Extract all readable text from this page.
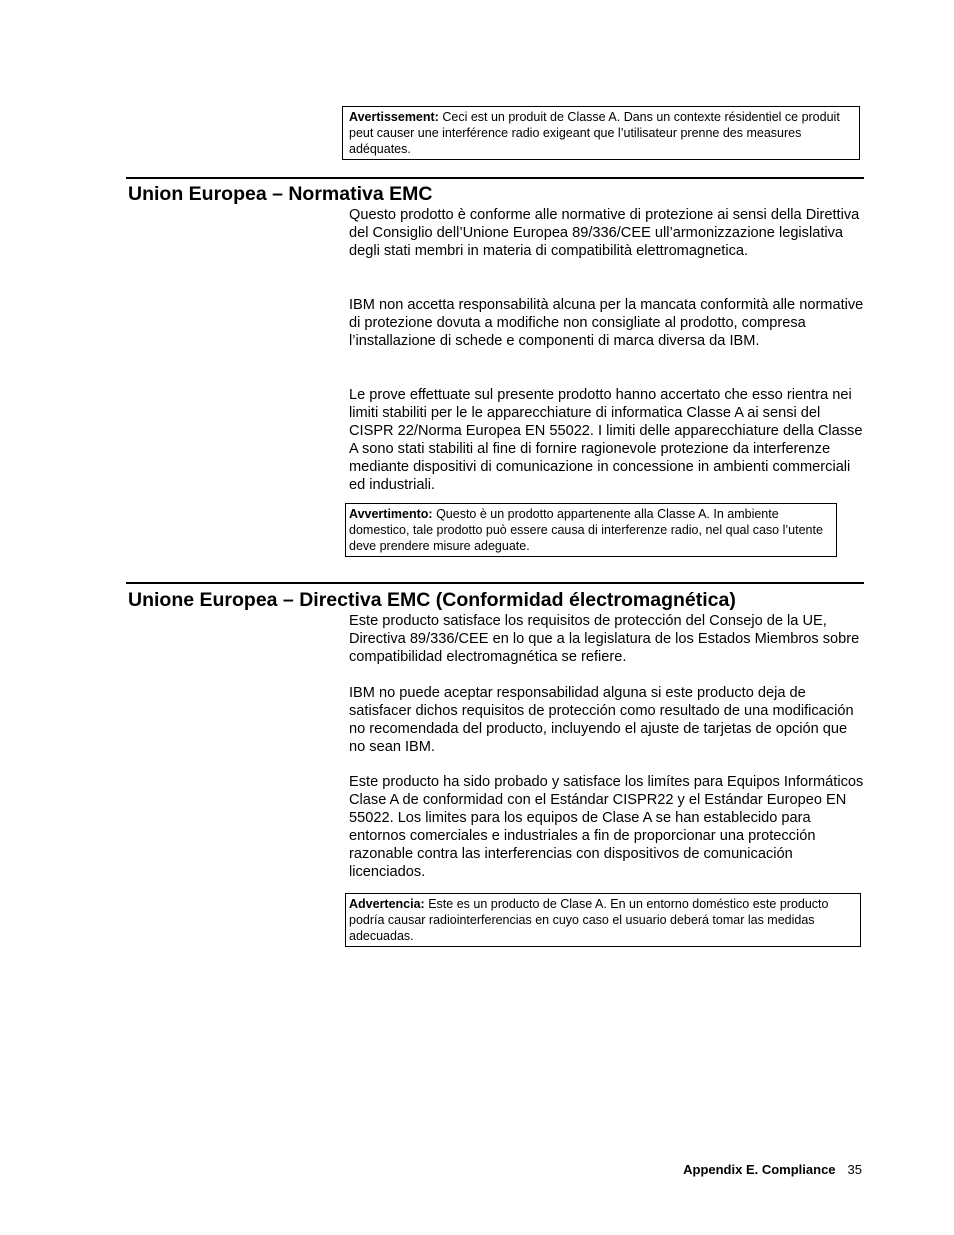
Avertissement: Ceci est un produit de Classe A. Dans un contexte résidentiel ce produit peut causer une interférence radio exigeant que l’utilisateur prenne des measures adéquates.
Union Europea – Normativa EMC

Questo prodotto è conforme alle normative di protezione ai sensi della Direttiva del Consiglio dell’Unione Europea 89/336/CEE ull’armonizzazione legislativa degli stati membri in materia di compatibilità elettromagnetica.

IBM non accetta responsabilità alcuna per la mancata conformità alle normative di protezione dovuta a modifiche non consigliate al prodotto, compresa l’installazione di schede e componenti di marca diversa da IBM.

Le prove effettuate sul presente prodotto hanno accertato che esso rientra nei limiti stabiliti per le le apparecchiature di informatica Classe A ai sensi del CISPR 22/Norma Europea EN 55022. I limiti delle apparecchiature della Classe A sono stati stabiliti al fine di fornire ragionevole protezione da interferenze mediante dispositivi di comunicazione in concessione in ambienti commerciali ed industriali.

Avvertimento: Questo è un prodotto appartenente alla Classe A. In ambiente domestico, tale prodotto può essere causa di interferenze radio, nel qual caso l’utente deve prendere misure adeguate.
Unione Europea – Directiva EMC (Conformidad électromagnética)

Este producto satisface los requisitos de protección del Consejo de la UE, Directiva 89/336/CEE en lo que a la legislatura de los Estados Miembros sobre compatibilidad electromagnética se refiere.

IBM no puede aceptar responsabilidad alguna si este producto deja de satisfacer dichos requisitos de protección como resultado de una modificación no recomendada del producto, incluyendo el ajuste de tarjetas de opción que no sean IBM.

Este producto ha sido probado y satisface los limítes para Equipos Informáticos Clase A de conformidad con el Estándar CISPR22 y el Estándar Europeo EN 55022. Los limites para los equipos de Clase A se han establecido para entornos comerciales e industriales a fin de proporcionar una protección razonable contra las interferencias con dispositivos de comunicación licenciados.

Advertencia: Este es un producto de Clase A. En un entorno doméstico este producto podría causar radiointerferencias en cuyo caso el usuario deberá tomar las medidas adecuadas.
Appendix E. Compliance 35
